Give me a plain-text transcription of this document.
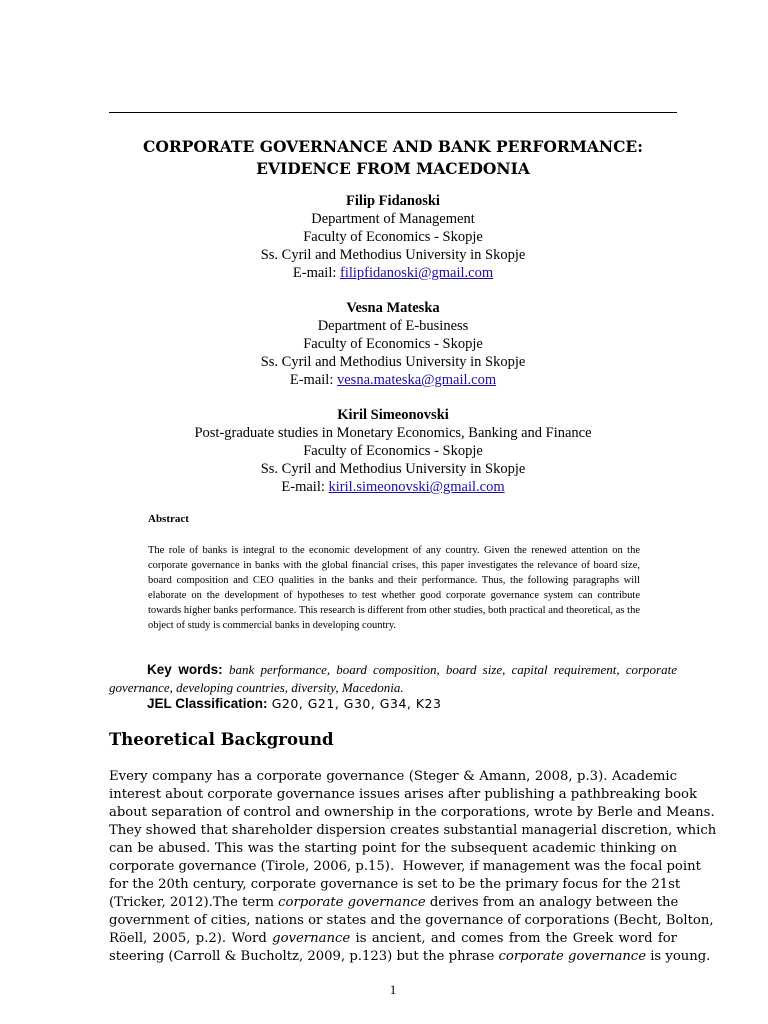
CORPORATE GOVERNANCE AND BANK PERFORMANCE:
EVIDENCE FROM MACEDONIA
Filip Fidanoski
Department of Management
Faculty of Economics - Skopje
Ss. Cyril and Methodius University in Skopje
E-mail: filipfidanoski@gmail.com
Vesna Mateska
Department of E-business
Faculty of Economics - Skopje
Ss. Cyril and Methodius University in Skopje
E-mail: vesna.mateska@gmail.com
Kiril Simeonovski
Post-graduate studies in Monetary Economics, Banking and Finance
Faculty of Economics - Skopje
Ss. Cyril and Methodius University in Skopje
E-mail: kiril.simeonovski@gmail.com
Abstract

The role of banks is integral to the economic development of any country. Given the renewed attention on the corporate governance in banks with the global financial crises, this paper investigates the relevance of board size, board composition and CEO qualities in the banks and their performance. Thus, the following paragraphs will elaborate on the development of hypotheses to test whether good corporate governance system can contribute towards higher banks performance. This research is different from other studies, both practical and theoretical, as the object of study is commercial banks in developing country.

Key words: bank performance, board composition, board size, capital requirement, corporate governance, developing countries, diversity, Macedonia.

JEL Classification: G20, G21, G30, G34, K23
Theoretical Background
Every company has a corporate governance (Steger & Amann, 2008, p.3). Academic
interest about corporate governance issues arises after publishing a pathbreaking book
about separation of control and ownership in the corporations, wrote by Berle and Means.
They showed that shareholder dispersion creates substantial managerial discretion, which
can be abused. This was the starting point for the subsequent academic thinking on
corporate governance (Tirole, 2006, p.15).  However, if management was the focal point
for the 20th century, corporate governance is set to be the primary focus for the 21st
(Tricker, 2012).The term corporate governance derives from an analogy between the
government of cities, nations or states and the governance of corporations (Becht, Bolton,
Röell, 2005, p.2). Word governance is ancient, and comes from the Greek word for
steering (Carroll & Bucholtz, 2009, p.123) but the phrase corporate governance is young.
1
